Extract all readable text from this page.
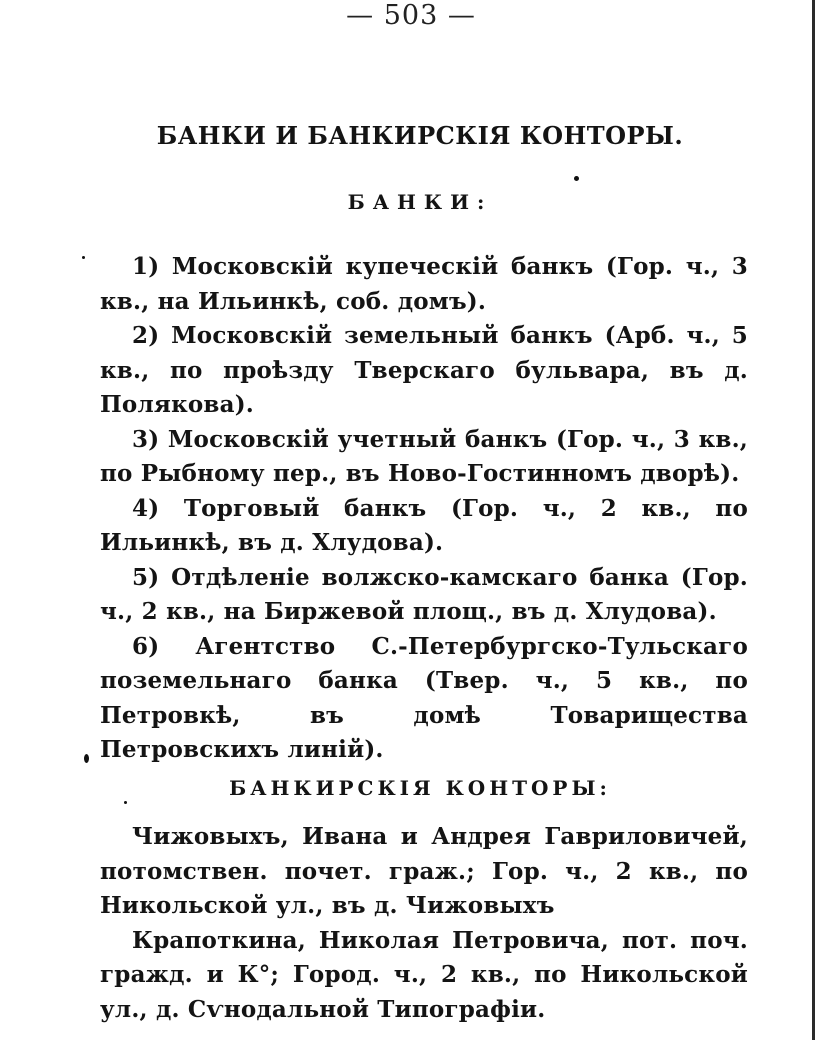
— 503 —
БАНКИ И БАНКИРСКІЯ КОНТОРЫ.
БАНКИ:

1) Московскій купеческій банкъ (Гор. ч., 3 кв., на Ильинкѣ, соб. домъ).

2) Московскій земельный банкъ (Арб. ч., 5 кв., по проѣзду Тверскаго бульвара, въ д. Полякова).

3) Московскій учетный банкъ (Гор. ч., 3 кв., по Рыбному пер., въ Ново-Гостинномъ дворѣ).

4) Торговый банкъ (Гор. ч., 2 кв., по Ильинкѣ, въ д. Хлудова).

5) Отдѣленіе волжско-камскаго банка (Гор. ч., 2 кв., на Биржевой площ., въ д. Хлудова).

6) Агентство С.-Петербургско-Тульскаго поземельнаго банка (Твер. ч., 5 кв., по Петровкѣ, въ домѣ Товарищества Петровскихъ линій).

БАНКИРСКІЯ КОНТОРЫ:

Чижовыхъ, Ивана и Андрея Гавриловичей, потомствен. почет. граж.; Гор. ч., 2 кв., по Никольской ул., въ д. Чижовыхъ

Крапоткина, Николая Петровича, пот. поч. гражд. и К°; Город. ч., 2 кв., по Никольской ул., д. Сѵнодальной Типографіи.
